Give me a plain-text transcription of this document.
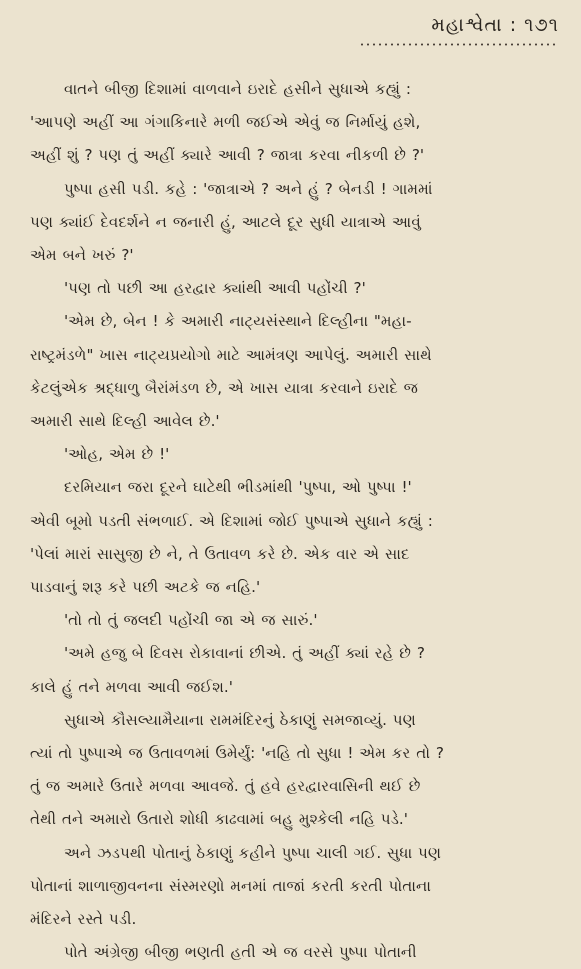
મહાશ્વેતા : ૧૭૧

વાતને બીજી દિશામાં વાળવાને ઇરાદે હસીને સુધાએ કહ્યું :
'આપણે અહીં આ ગંગાકિનારે મળી જઈએ એવું જ નિર્માયું હશે,
અહીં શું ? પણ તું અહીં ક્યારે આવી ? જાત્રા કરવા નીકળી છે ?'
પુષ્પા હસી પડી. કહે : 'જાત્રાએ ? અને હું ? બેનડી ! ગામમાં
પણ ક્યાંઈ દેવદર્શને ન જનારી હું, આટલે દૂર સુધી યાત્રાએ આવું
એમ બને ખરું ?'
'પણ તો પછી આ હરદ્વાર ક્યાંથી આવી પહોંચી ?'
'એમ છે, બેન ! કે અમારી નાટ્યસંસ્થાને દિલ્હીના "મહા-
રાષ્ટ્રમંડળે" ખાસ નાટ્યપ્રયોગો માટે આમંત્રણ આપેલું. અમારી સાથે
કેટલુંએક શ્રદ્ધાળુ બૈરાંમંડળ છે, એ ખાસ યાત્રા કરવાને ઇરાદે જ
અમારી સાથે દિલ્હી આવેલ છે.'
'ઓહ, એમ છે !'
દરમિયાન જરા દૂરને ઘાટેથી ભીડમાંથી 'પુષ્પા, ઓ પુષ્પા !'
એવી બૂમો પડતી સંભળાઈ. એ દિશામાં જોઈ પુષ્પાએ સુધાને કહ્યું :
'પેલાં મારાં સાસુજી છે ને, તે ઉતાવળ કરે છે. એક વાર એ સાદ
પાડવાનું શરૂ કરે પછી અટકે જ નહિ.'
'તો તો તું જલદી પહોંચી જા એ જ સારું.'
'અમે હજુ બે દિવસ રોકાવાનાં છીએ. તું અહીં ક્યાં રહે છે ?
કાલે હું તને મળવા આવી જઈશ.'
સુધાએ કૌસલ્યામૈયાના રામમંદિરનું ઠેકાણું સમજાવ્યું. પણ
ત્યાં તો પુષ્પાએ જ ઉતાવળમાં ઉમેર્યું: 'નહિ તો સુધા ! એમ કર તો ?
તું જ અમારે ઉતારે મળવા આવજે. તું હવે હરદ્વારવાસિની થઈ છે
તેથી તને અમારો ઉતારો શોધી કાઢવામાં બહુ મુશ્કેલી નહિ પડે.'
અને ઝડપથી પોતાનું ઠેકાણું કહીને પુષ્પા ચાલી ગઈ. સુધા પણ
પોતાનાં શાળાજીવનના સંસ્મરણો મનમાં તાજાં કરતી કરતી પોતાના
મંદિરને રસ્તે પડી.
પોતે અંગ્રેજી બીજી ભણતી હતી એ જ વરસે પુષ્પા પોતાની
